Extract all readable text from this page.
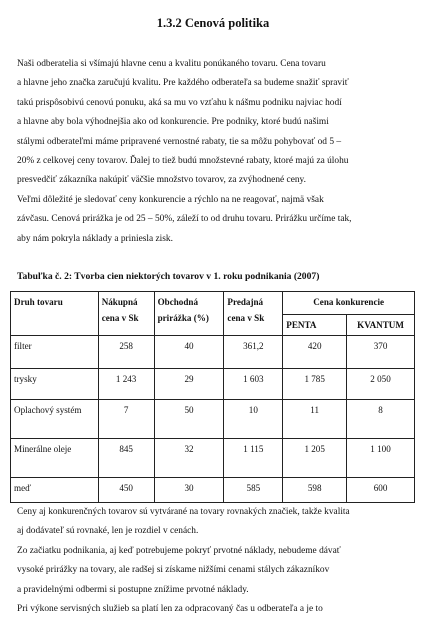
1.3.2 Cenová politika
Naši odberatelia si všímajú hlavne cenu a kvalitu ponúkaného tovaru. Cena tovaru
a hlavne jeho značka zaručujú kvalitu. Pre každého odberateľa sa budeme snažiť spraviť
takú prispôsobivú cenovú ponuku, aká sa mu vo vzťahu k nášmu podniku najviac hodí
a hlavne aby bola výhodnejšia ako od konkurencie. Pre podniky, ktoré budú našimi
stálymi odberateľmi máme pripravené vernostné rabaty, tie sa môžu pohybovať od 5 –
20% z celkovej ceny tovarov. Ďalej to tiež budú množstevné rabaty, ktoré majú za úlohu
presvedčiť zákazníka nakúpiť väčšie množstvo tovarov, za zvýhodnené ceny.
Veľmi dôležité je sledovať ceny konkurencie a rýchlo na ne reagovať, najmä však
závčasu. Cenová prirážka je od 25 – 50%, záleží to od druhu tovaru. Prirážku určíme tak,
aby nám pokryla náklady a priniesla zisk.
Tabuľka č. 2: Tvorba cien niektorých tovarov v 1. roku podnikania (2007)
Druh tovaru	Nákupná cena v Sk	Obchodná prirážka (%)	Predajná cena v Sk	Cena konkurencie	
				PENTA	KVANTUM
filter	258	40	361,2	420	370
trysky	1 243	29	1 603	1 785	2 050
Oplachový systém	7	50	10	11	8
Minerálne oleje	845	32	1 115	1 205	1 100
meď	450	30	585	598	600
Ceny aj konkurenčných tovarov sú vytvárané na tovary rovnakých značiek, takže kvalita
aj dodávateľ sú rovnaké, len je rozdiel v cenách.
Zo začiatku podnikania, aj keď potrebujeme pokryť prvotné náklady, nebudeme dávať
vysoké prirážky na tovary, ale radšej si získame nižšími cenami stálych zákazníkov
a pravidelnými odbermi si postupne znížime prvotné náklady.
Pri výkone servisných služieb sa platí len za odpracovaný čas u odberateľa a je to
